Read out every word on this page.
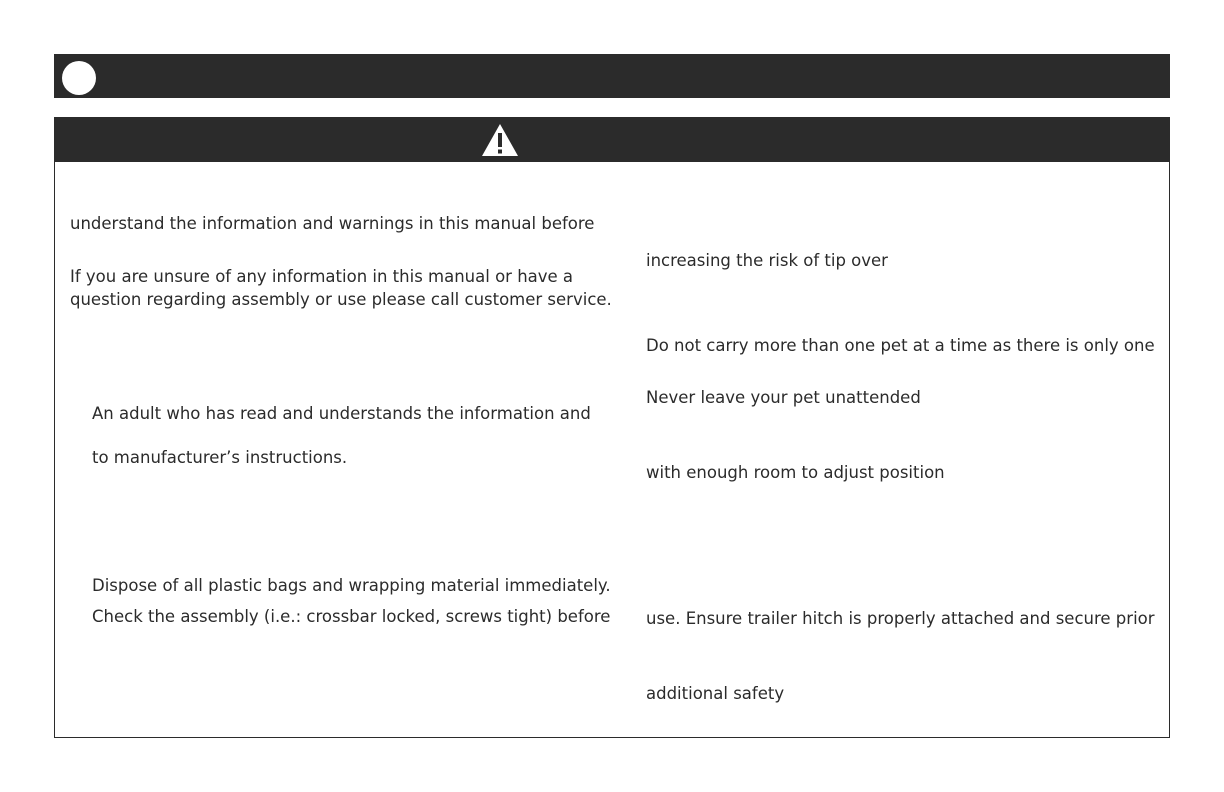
understand the information and warnings in this manual before
If you are unsure of any information in this manual or have a
question regarding assembly or use please call customer service.
An adult who has read and understands the information and
to manufacturer’s instructions.
Dispose of all plastic bags and wrapping material immediately.
Check the assembly (i.e.: crossbar locked, screws tight) before
increasing the risk of tip over
Do not carry more than one pet at a time as there is only one
Never leave your pet unattended
with enough room to adjust position
use. Ensure trailer hitch is properly attached and secure prior
additional safety
